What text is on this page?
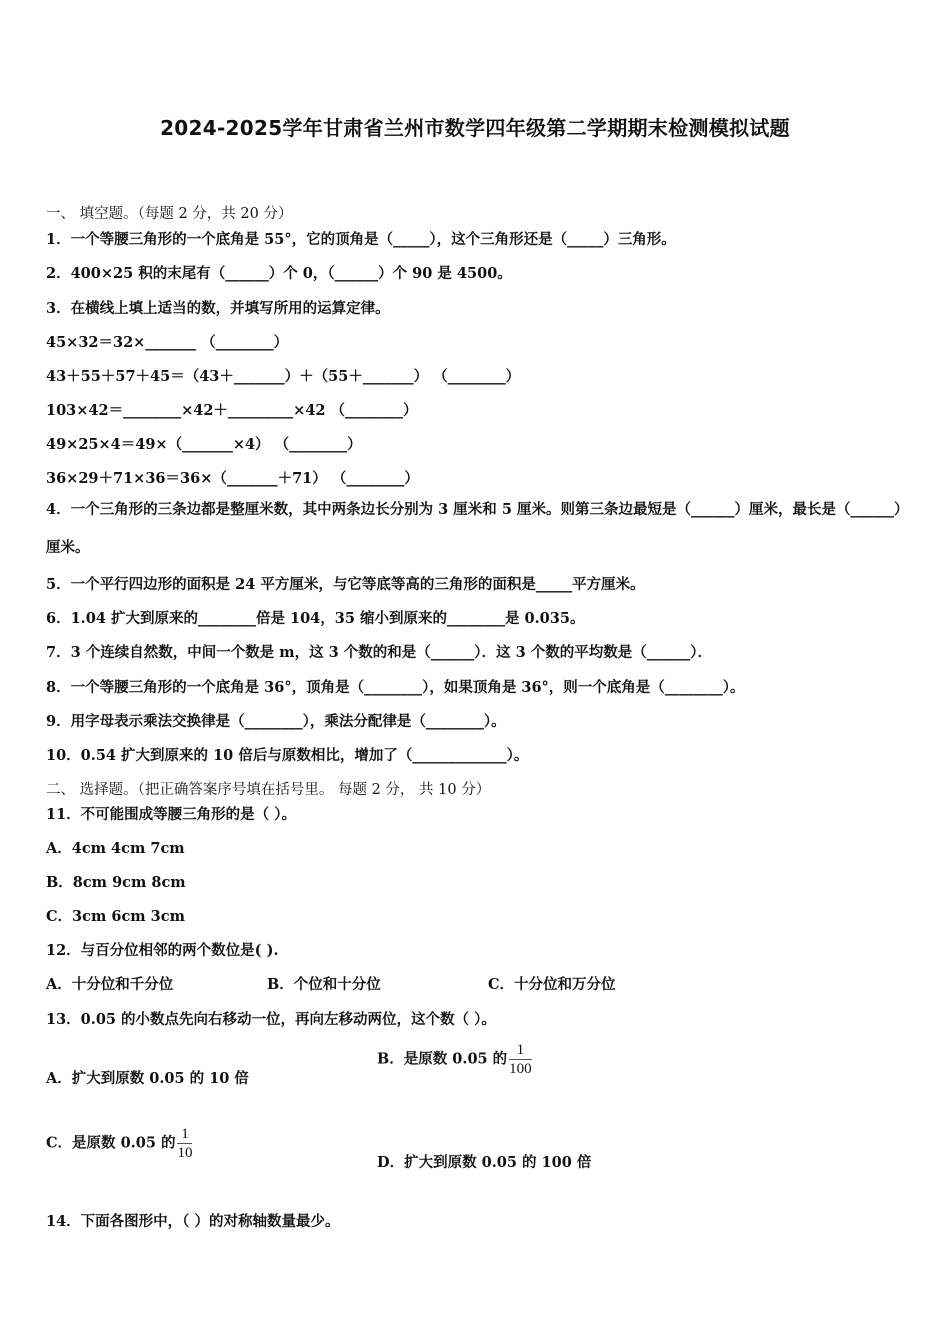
2024-2025学年甘肃省兰州市数学四年级第二学期期末检测模拟试题
一、 填空题。（每题 2 分，共 20 分）
1．一个等腰三角形的一个底角是 55°，它的顶角是（_____），这个三角形还是（_____）三角形。
2．400×25 积的末尾有（______）个 0，（______）个 90 是 4500。
3．在横线上填上适当的数，并填写所用的运算定律。
45×32＝32×_______ （________）
43＋55＋57＋45＝（43＋_______）＋（55＋_______） （________）
103×42＝________×42＋_________×42 （________）
49×25×4＝49×（_______×4） （________）
36×29＋71×36＝36×（_______＋71） （________）
4．一个三角形的三条边都是整厘米数，其中两条边长分别为 3 厘米和 5 厘米。则第三条边最短是（______）厘米，最长是（______）厘米。
5．一个平行四边形的面积是 24 平方厘米，与它等底等高的三角形的面积是_____平方厘米。
6．1.04 扩大到原来的________倍是 104，35 缩小到原来的________是 0.035。
7．3 个连续自然数，中间一个数是 m，这 3 个数的和是（______）．这 3 个数的平均数是（______）．
8．一个等腰三角形的一个底角是 36°，顶角是（________），如果顶角是 36°，则一个底角是（________）。
9．用字母表示乘法交换律是（________），乘法分配律是（________）。
10．0.54 扩大到原来的 10 倍后与原数相比，增加了（_____________）。
二、 选择题。（把正确答案序号填在括号里。 每题 2 分， 共 10 分）
11．不可能围成等腰三角形的是（ ）。
A．4cm 4cm 7cm
B．8cm 9cm 8cm
C．3cm 6cm 3cm
12．与百分位相邻的两个数位是( ).
A．十分位和千分位	B．个位和十分位	C．十分位和万分位
13．0.05 的小数点先向右移动一位，再向左移动两位，这个数（ ）。
A．扩大到原数 0.05 的 10 倍
B．是原数 0.05 的 $\frac{1}{100}$
C．是原数 0.05 的 $\frac{1}{10}$
D．扩大到原数 0.05 的 100 倍
14．下面各图形中，（ ）的对称轴数量最少。
